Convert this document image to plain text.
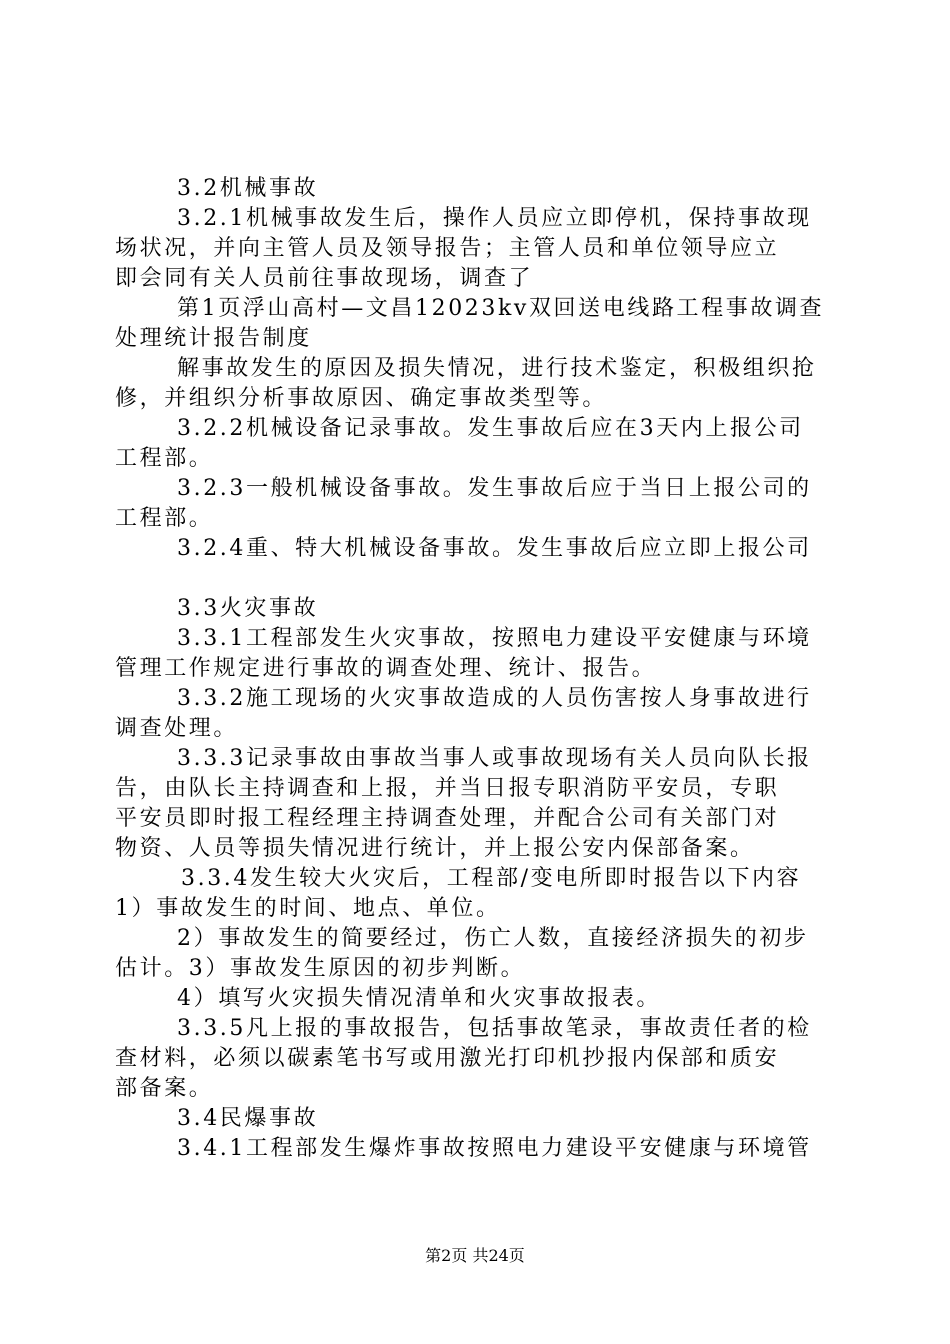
3.2机械事故
3.2.1机械事故发生后，操作人员应立即停机，保持事故现
场状况，并向主管人员及领导报告；主管人员和单位领导应立
即会同有关人员前往事故现场，调查了
第1页浮山高村—文昌12023kv双回送电线路工程事故调查
处理统计报告制度
解事故发生的原因及损失情况，进行技术鉴定，积极组织抢
修，并组织分析事故原因、确定事故类型等。
3.2.2机械设备记录事故。发生事故后应在3天内上报公司
工程部。
3.2.3一般机械设备事故。发生事故后应于当日上报公司的
工程部。
3.2.4重、特大机械设备事故。发生事故后应立即上报公司
3.3火灾事故
3.3.1工程部发生火灾事故，按照电力建设平安健康与环境
管理工作规定进行事故的调查处理、统计、报告。
3.3.2施工现场的火灾事故造成的人员伤害按人身事故进行
调查处理。
3.3.3记录事故由事故当事人或事故现场有关人员向队长报
告，由队长主持调查和上报，并当日报专职消防平安员，专职
平安员即时报工程经理主持调查处理，并配合公司有关部门对
物资、人员等损失情况进行统计，并上报公安内保部备案。
3.3.4发生较大火灾后，工程部/变电所即时报告以下内容
1）事故发生的时间、地点、单位。
2）事故发生的简要经过，伤亡人数，直接经济损失的初步
估计。3）事故发生原因的初步判断。
4）填写火灾损失情况清单和火灾事故报表。
3.3.5凡上报的事故报告，包括事故笔录，事故责任者的检
查材料，必须以碳素笔书写或用激光打印机抄报内保部和质安
部备案。
3.4民爆事故
3.4.1工程部发生爆炸事故按照电力建设平安健康与环境管
第2页 共24页
